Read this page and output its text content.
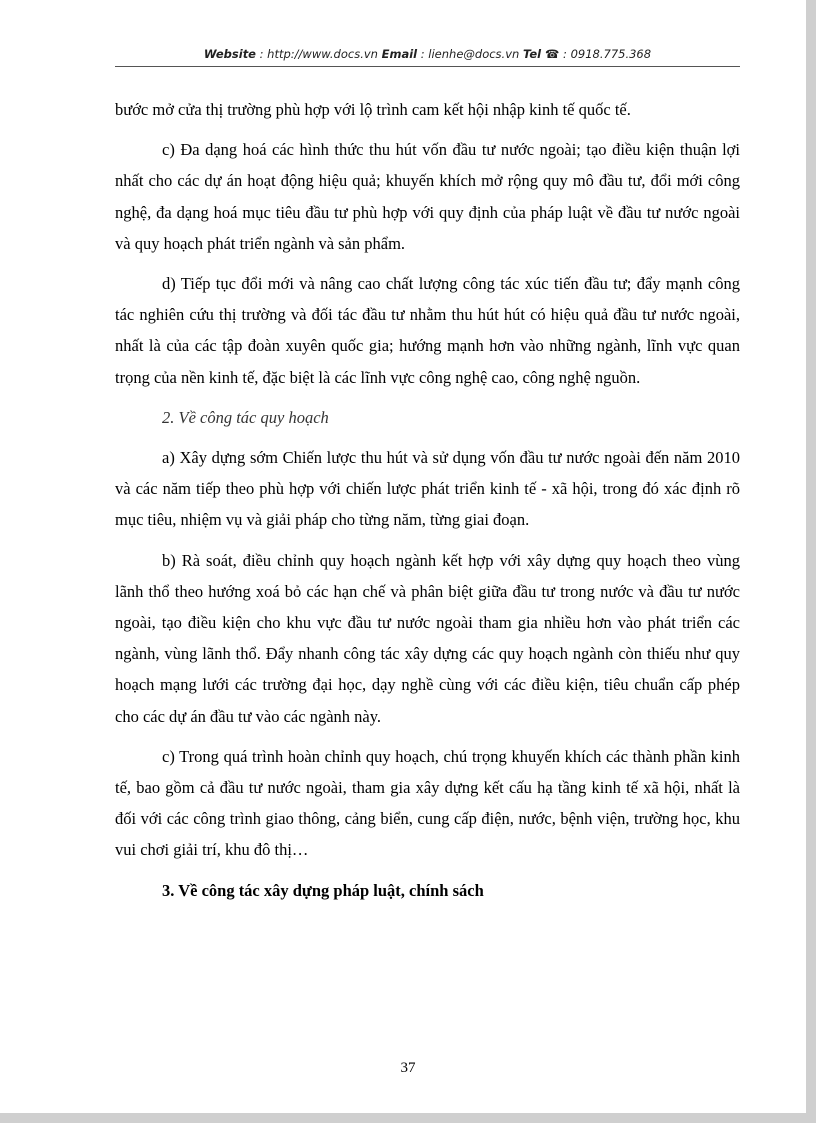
Website : http://www.docs.vn Email : lienhe@docs.vn Tel ☎ : 0918.775.368

bước mở cửa thị trường phù hợp với lộ trình cam kết hội nhập kinh tế quốc tế.

c) Đa dạng hoá các hình thức thu hút vốn đầu tư nước ngoài; tạo điều kiện thuận lợi nhất cho các dự án hoạt động hiệu quả; khuyến khích mở rộng quy mô đầu tư, đổi mới công nghệ, đa dạng hoá mục tiêu đầu tư phù hợp với quy định của pháp luật về đầu tư nước ngoài và quy hoạch phát triển ngành và sản phẩm.

d) Tiếp tục đổi mới và nâng cao chất lượng công tác xúc tiến đầu tư; đẩy mạnh công tác nghiên cứu thị trường và đối tác đầu tư nhằm thu hút hút có hiệu quả đầu tư nước ngoài, nhất là của các tập đoàn xuyên quốc gia; hướng mạnh hơn vào những ngành, lĩnh vực quan trọng của nền kinh tế, đặc biệt là các lĩnh vực công nghệ cao, công nghệ nguồn.

2. Về công tác quy hoạch

a) Xây dựng sớm Chiến lược thu hút và sử dụng vốn đầu tư nước ngoài đến năm 2010 và các năm tiếp theo phù hợp với chiến lược phát triển kinh tế - xã hội, trong đó xác định rõ mục tiêu, nhiệm vụ và giải pháp cho từng năm, từng giai đoạn.

b) Rà soát, điều chỉnh quy hoạch ngành kết hợp với xây dựng quy hoạch theo vùng lãnh thổ theo hướng xoá bỏ các hạn chế và phân biệt giữa đầu tư trong nước và đầu tư nước ngoài, tạo điều kiện cho khu vực đầu tư nước ngoài tham gia nhiều hơn vào phát triển các ngành, vùng lãnh thổ. Đẩy nhanh công tác xây dựng các quy hoạch ngành còn thiếu như quy hoạch mạng lưới các trường đại học, dạy nghề cùng với các điều kiện, tiêu chuẩn cấp phép cho các dự án đầu tư vào các ngành này.

c) Trong quá trình hoàn chỉnh quy hoạch, chú trọng khuyến khích các thành phần kinh tế, bao gồm cả đầu tư nước ngoài, tham gia xây dựng kết cấu hạ tầng kinh tế xã hội, nhất là đối với các công trình giao thông, cảng biển, cung cấp điện, nước, bệnh viện, trường học, khu vui chơi giải trí, khu đô thị…

3. Về công tác xây dựng pháp luật, chính sách

37
